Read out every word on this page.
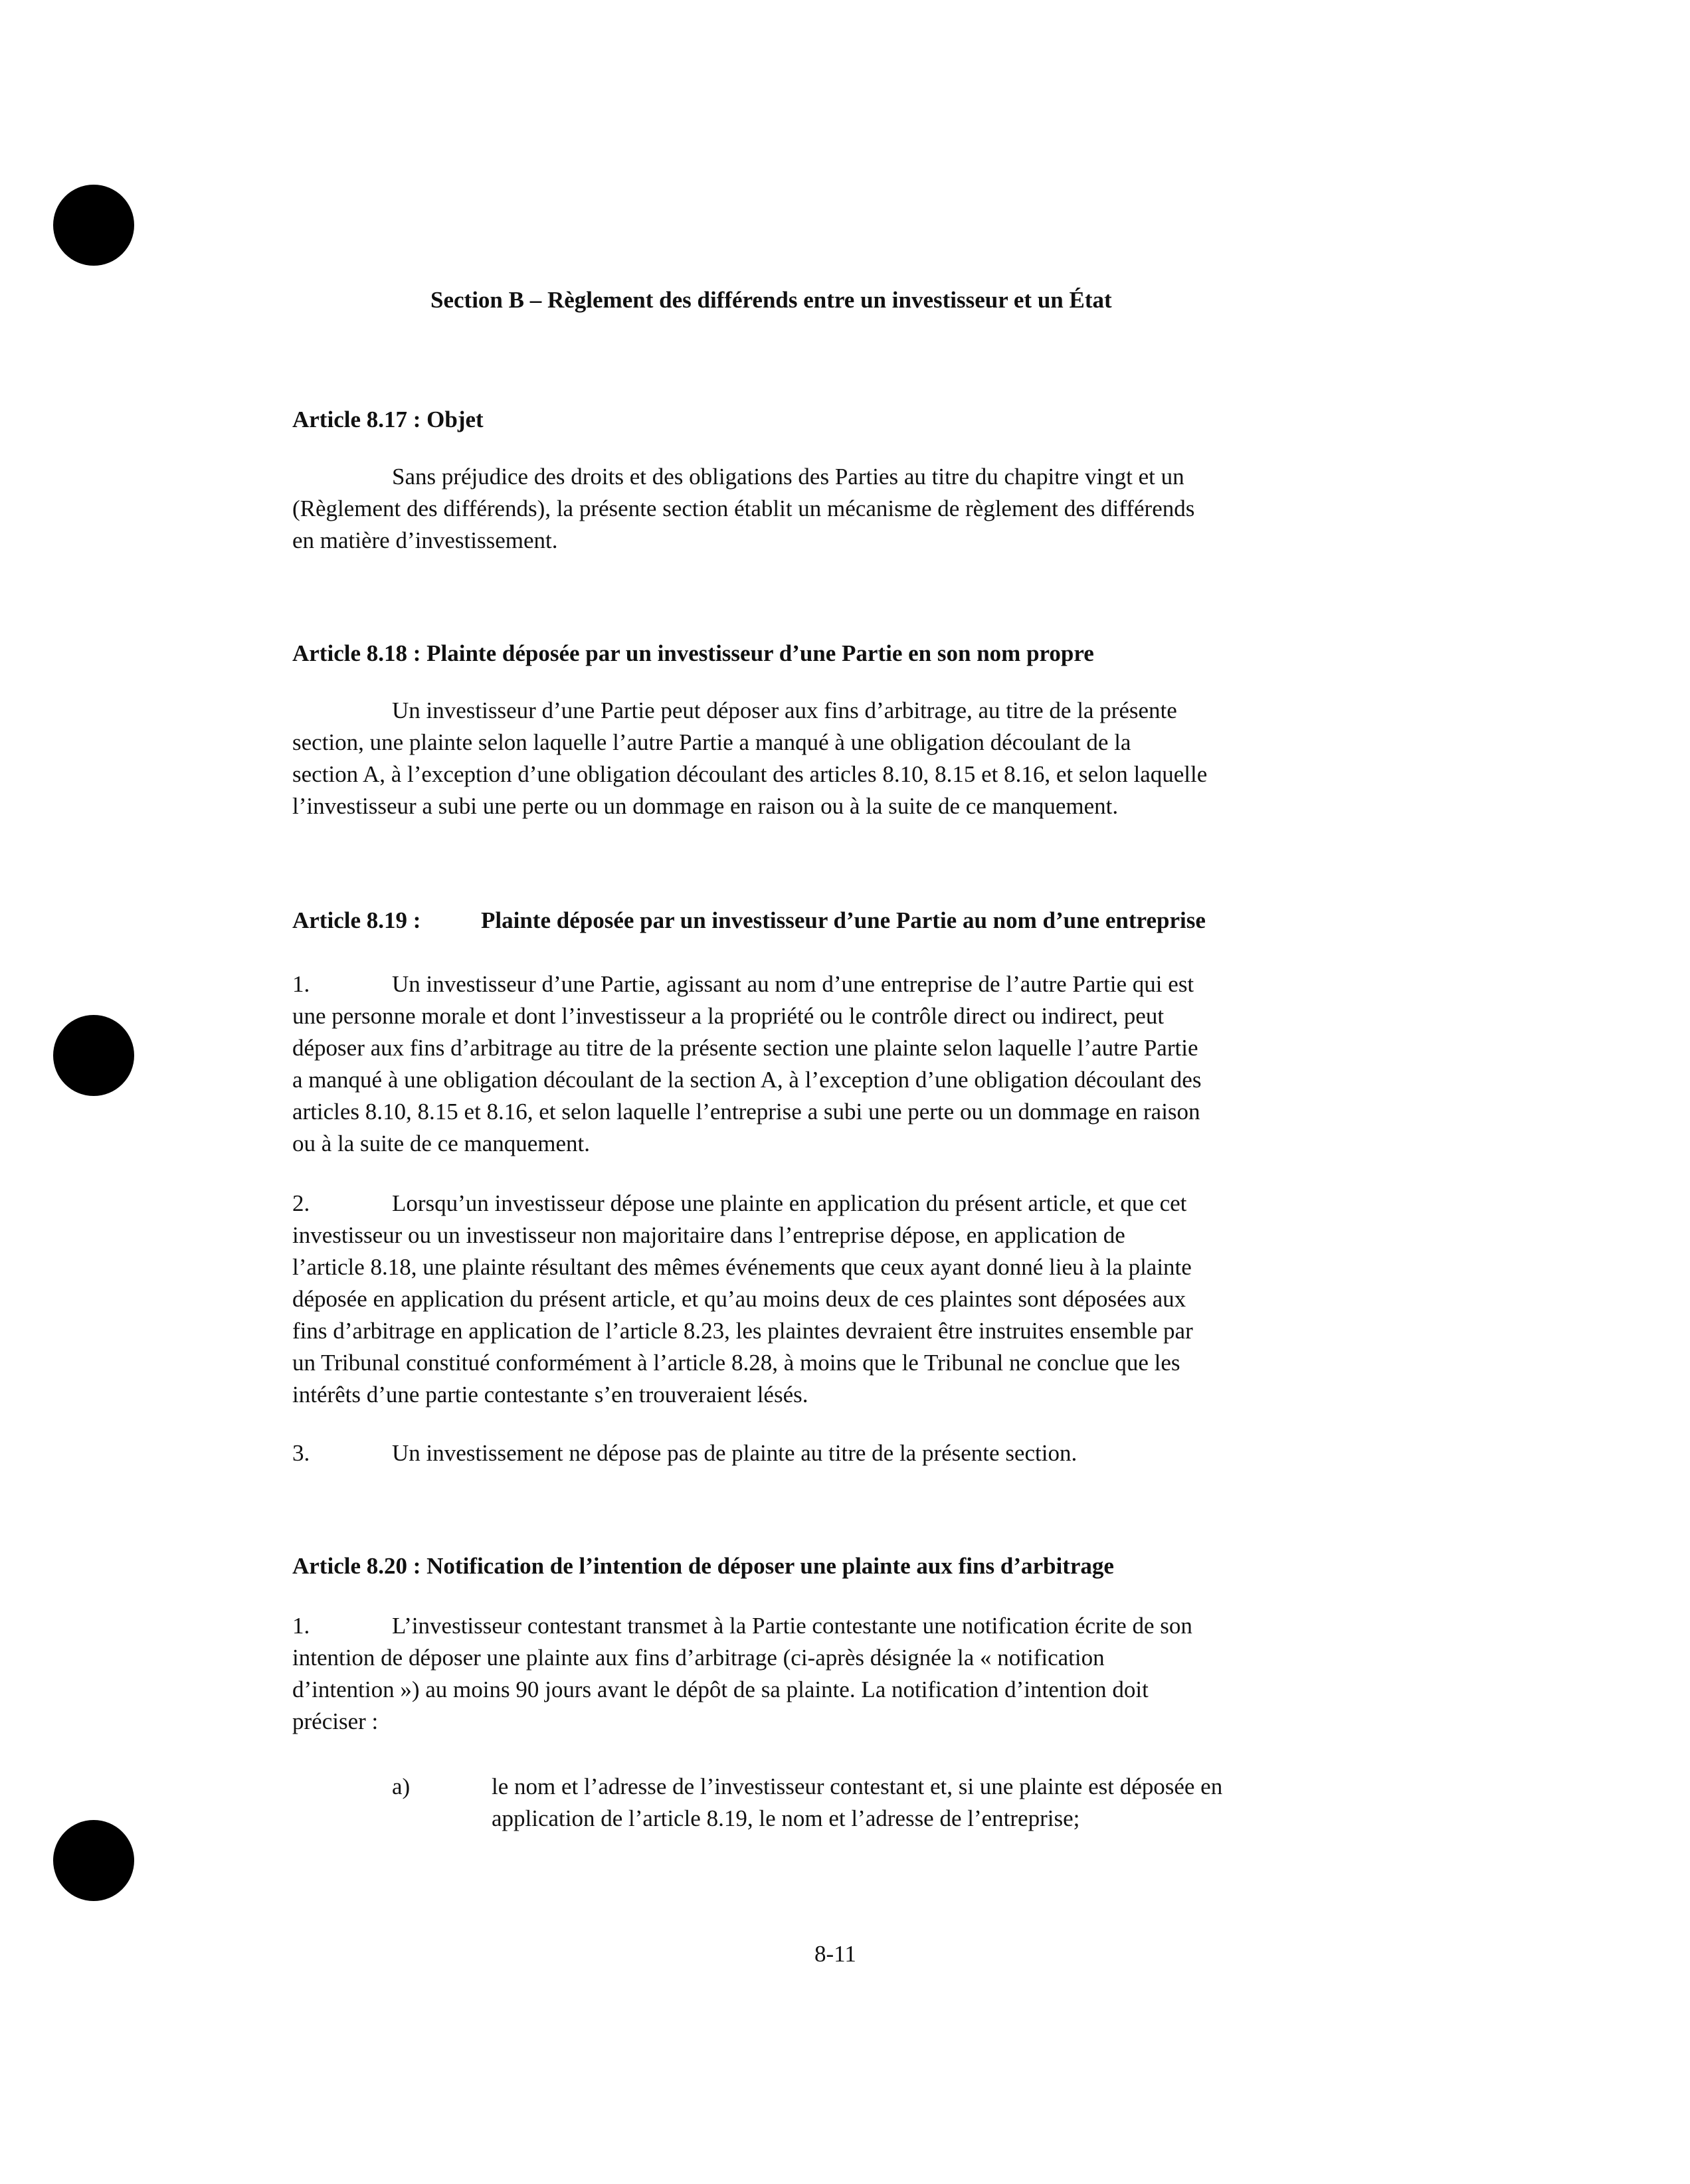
Section B – Règlement des différends entre un investisseur et un État
Article 8.17 : Objet
Sans préjudice des droits et des obligations des Parties au titre du chapitre vingt et un
(Règlement des différends), la présente section établit un mécanisme de règlement des différends
en matière d’investissement.
Article 8.18 : Plainte déposée par un investisseur d’une Partie en son nom propre
Un investisseur d’une Partie peut déposer aux fins d’arbitrage, au titre de la présente
section, une plainte selon laquelle l’autre Partie a manqué à une obligation découlant de la
section A, à l’exception d’une obligation découlant des articles 8.10, 8.15 et 8.16, et selon laquelle
l’investisseur a subi une perte ou un dommage en raison ou à la suite de ce manquement.
Article 8.19 :	Plainte déposée par un investisseur d’une Partie au nom d’une entreprise
1.	Un investisseur d’une Partie, agissant au nom d’une entreprise de l’autre Partie qui est
une personne morale et dont l’investisseur a la propriété ou le contrôle direct ou indirect, peut
déposer aux fins d’arbitrage au titre de la présente section une plainte selon laquelle l’autre Partie
a manqué à une obligation découlant de la section A, à l’exception d’une obligation découlant des
articles 8.10, 8.15 et 8.16, et selon laquelle l’entreprise a subi une perte ou un dommage en raison
ou à la suite de ce manquement.
2.	Lorsqu’un investisseur dépose une plainte en application du présent article, et que cet
investisseur ou un investisseur non majoritaire dans l’entreprise dépose, en application de
l’article 8.18, une plainte résultant des mêmes événements que ceux ayant donné lieu à la plainte
déposée en application du présent article, et qu’au moins deux de ces plaintes sont déposées aux
fins d’arbitrage en application de l’article 8.23, les plaintes devraient être instruites ensemble par
un Tribunal constitué conformément à l’article 8.28, à moins que le Tribunal ne conclue que les
intérêts d’une partie contestante s’en trouveraient lésés.
3.	Un investissement ne dépose pas de plainte au titre de la présente section.
Article 8.20 : Notification de l’intention de déposer une plainte aux fins d’arbitrage
1.	L’investisseur contestant transmet à la Partie contestante une notification écrite de son
intention de déposer une plainte aux fins d’arbitrage (ci-après désignée la « notification
d’intention ») au moins 90 jours avant le dépôt de sa plainte. La notification d’intention doit
préciser :
a)	le nom et l’adresse de l’investisseur contestant et, si une plainte est déposée en
application de l’article 8.19, le nom et l’adresse de l’entreprise;
8-11
